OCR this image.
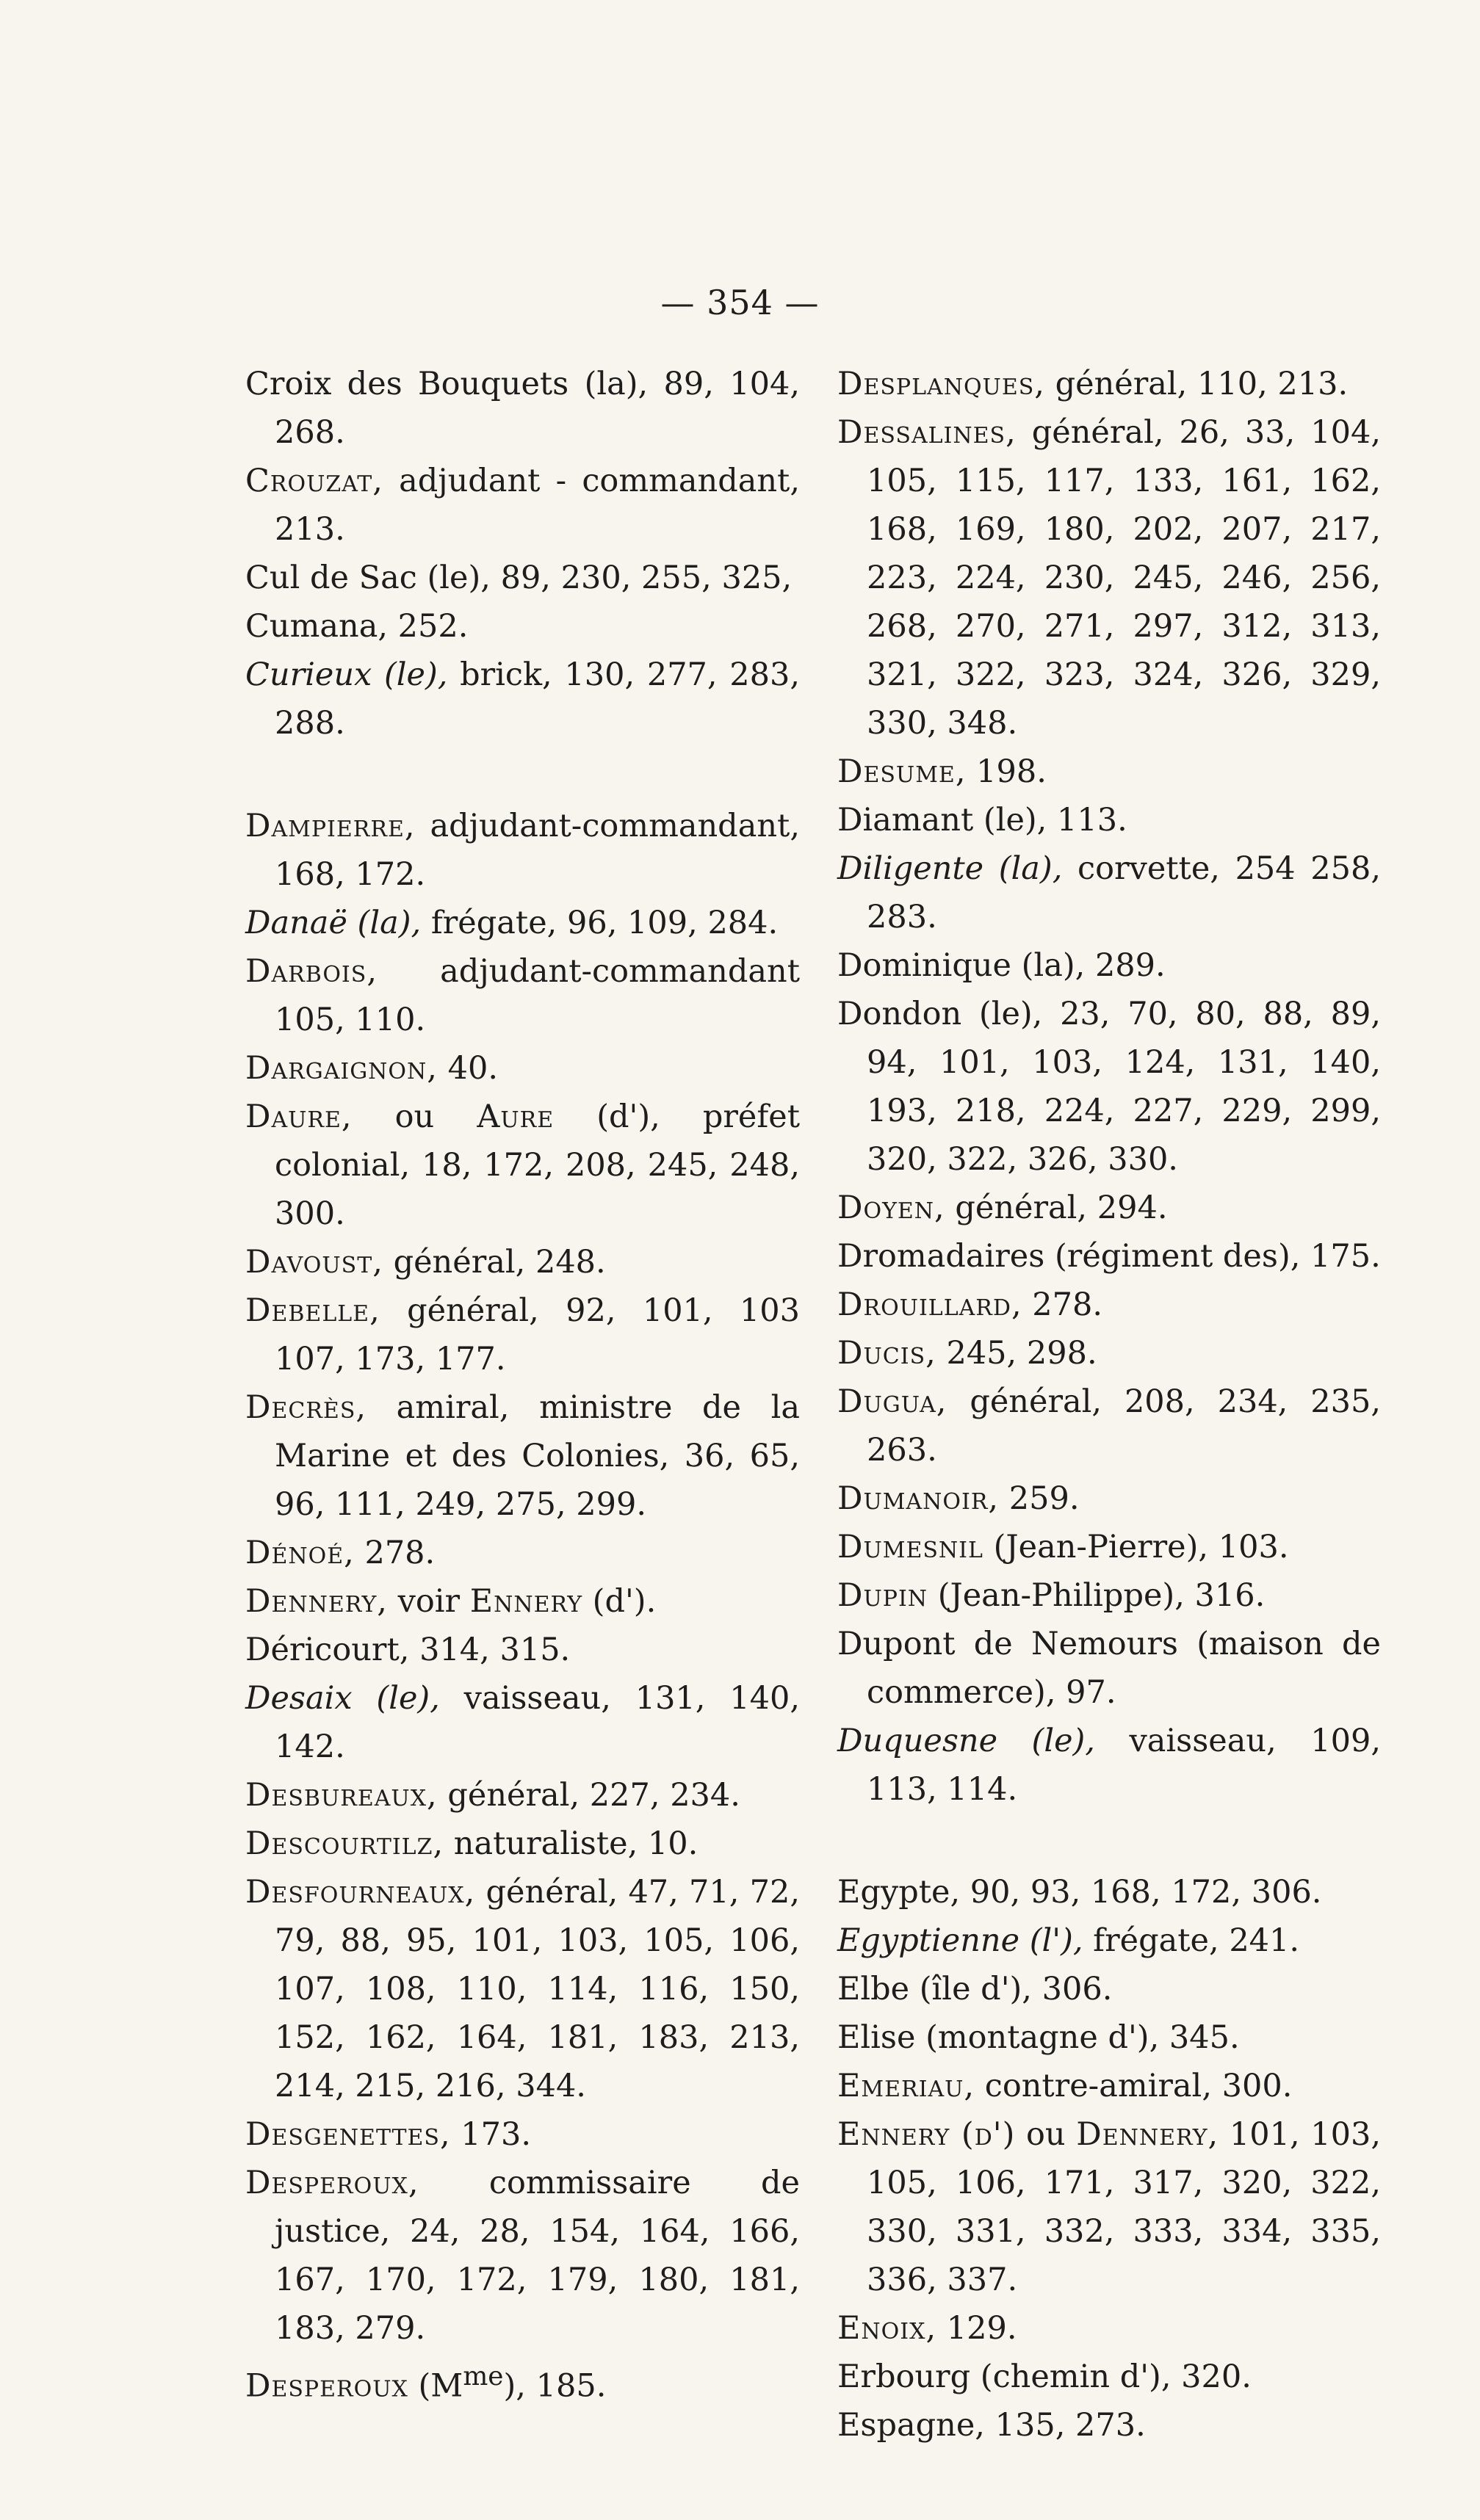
— 354 —
Croix des Bouquets (la), 89, 104, 268.
Crouzat, adjudant - commandant, 213.
Cul de Sac (le), 89, 230, 255, 325,
Cumana, 252.
Curieux (le), brick, 130, 277, 283, 288.
Dampierre, adjudant-commandant, 168, 172.
Danaë (la), frégate, 96, 109, 284.
Darbois, adjudant-commandant 105, 110.
Dargaignon, 40.
Daure, ou Aure (d'), préfet colonial, 18, 172, 208, 245, 248, 300.
Davoust, général, 248.
Debelle, général, 92, 101, 103 107, 173, 177.
Decrès, amiral, ministre de la Marine et des Colonies, 36, 65, 96, 111, 249, 275, 299.
Dénoé, 278.
Dennery, voir Ennery (d').
Déricourt, 314, 315.
Desaix (le), vaisseau, 131, 140, 142.
Desbureaux, général, 227, 234.
Descourtilz, naturaliste, 10.
Desfourneaux, général, 47, 71, 72, 79, 88, 95, 101, 103, 105, 106, 107, 108, 110, 114, 116, 150, 152, 162, 164, 181, 183, 213, 214, 215, 216, 344.
Desgenettes, 173.
Desperoux, commissaire de justice, 24, 28, 154, 164, 166, 167, 170, 172, 179, 180, 181, 183, 279.
Desperoux $(M^{me})$, 185.
Desplanques, général, 110, 213.
Dessalines, général, 26, 33, 104, 105, 115, 117, 133, 161, 162, 168, 169, 180, 202, 207, 217, 223, 224, 230, 245, 246, 256, 268, 270, 271, 297, 312, 313, 321, 322, 323, 324, 326, 329, 330, 348.
Desume, 198.
Diamant (le), 113.
Diligente (la), corvette, 254 258, 283.
Dominique (la), 289.
Dondon (le), 23, 70, 80, 88, 89, 94, 101, 103, 124, 131, 140, 193, 218, 224, 227, 229, 299, 320, 322, 326, 330.
Doyen, général, 294.
Dromadaires (régiment des), 175.
Drouillard, 278.
Ducis, 245, 298.
Dugua, général, 208, 234, 235, 263.
Dumanoir, 259.
Dumesnil (Jean-Pierre), 103.
Dupin (Jean-Philippe), 316.
Dupont de Nemours (maison de commerce), 97.
Duquesne (le), vaisseau, 109, 113, 114.
Egypte, 90, 93, 168, 172, 306.
Egyptienne (l'), frégate, 241.
Elbe (île d'), 306.
Elise (montagne d'), 345.
Emeriau, contre-amiral, 300.
Ennery (d') ou Dennery, 101, 103, 105, 106, 171, 317, 320, 322, 330, 331, 332, 333, 334, 335, 336, 337.
Enoix, 129.
Erbourg (chemin d'), 320.
Espagne, 135, 273.
